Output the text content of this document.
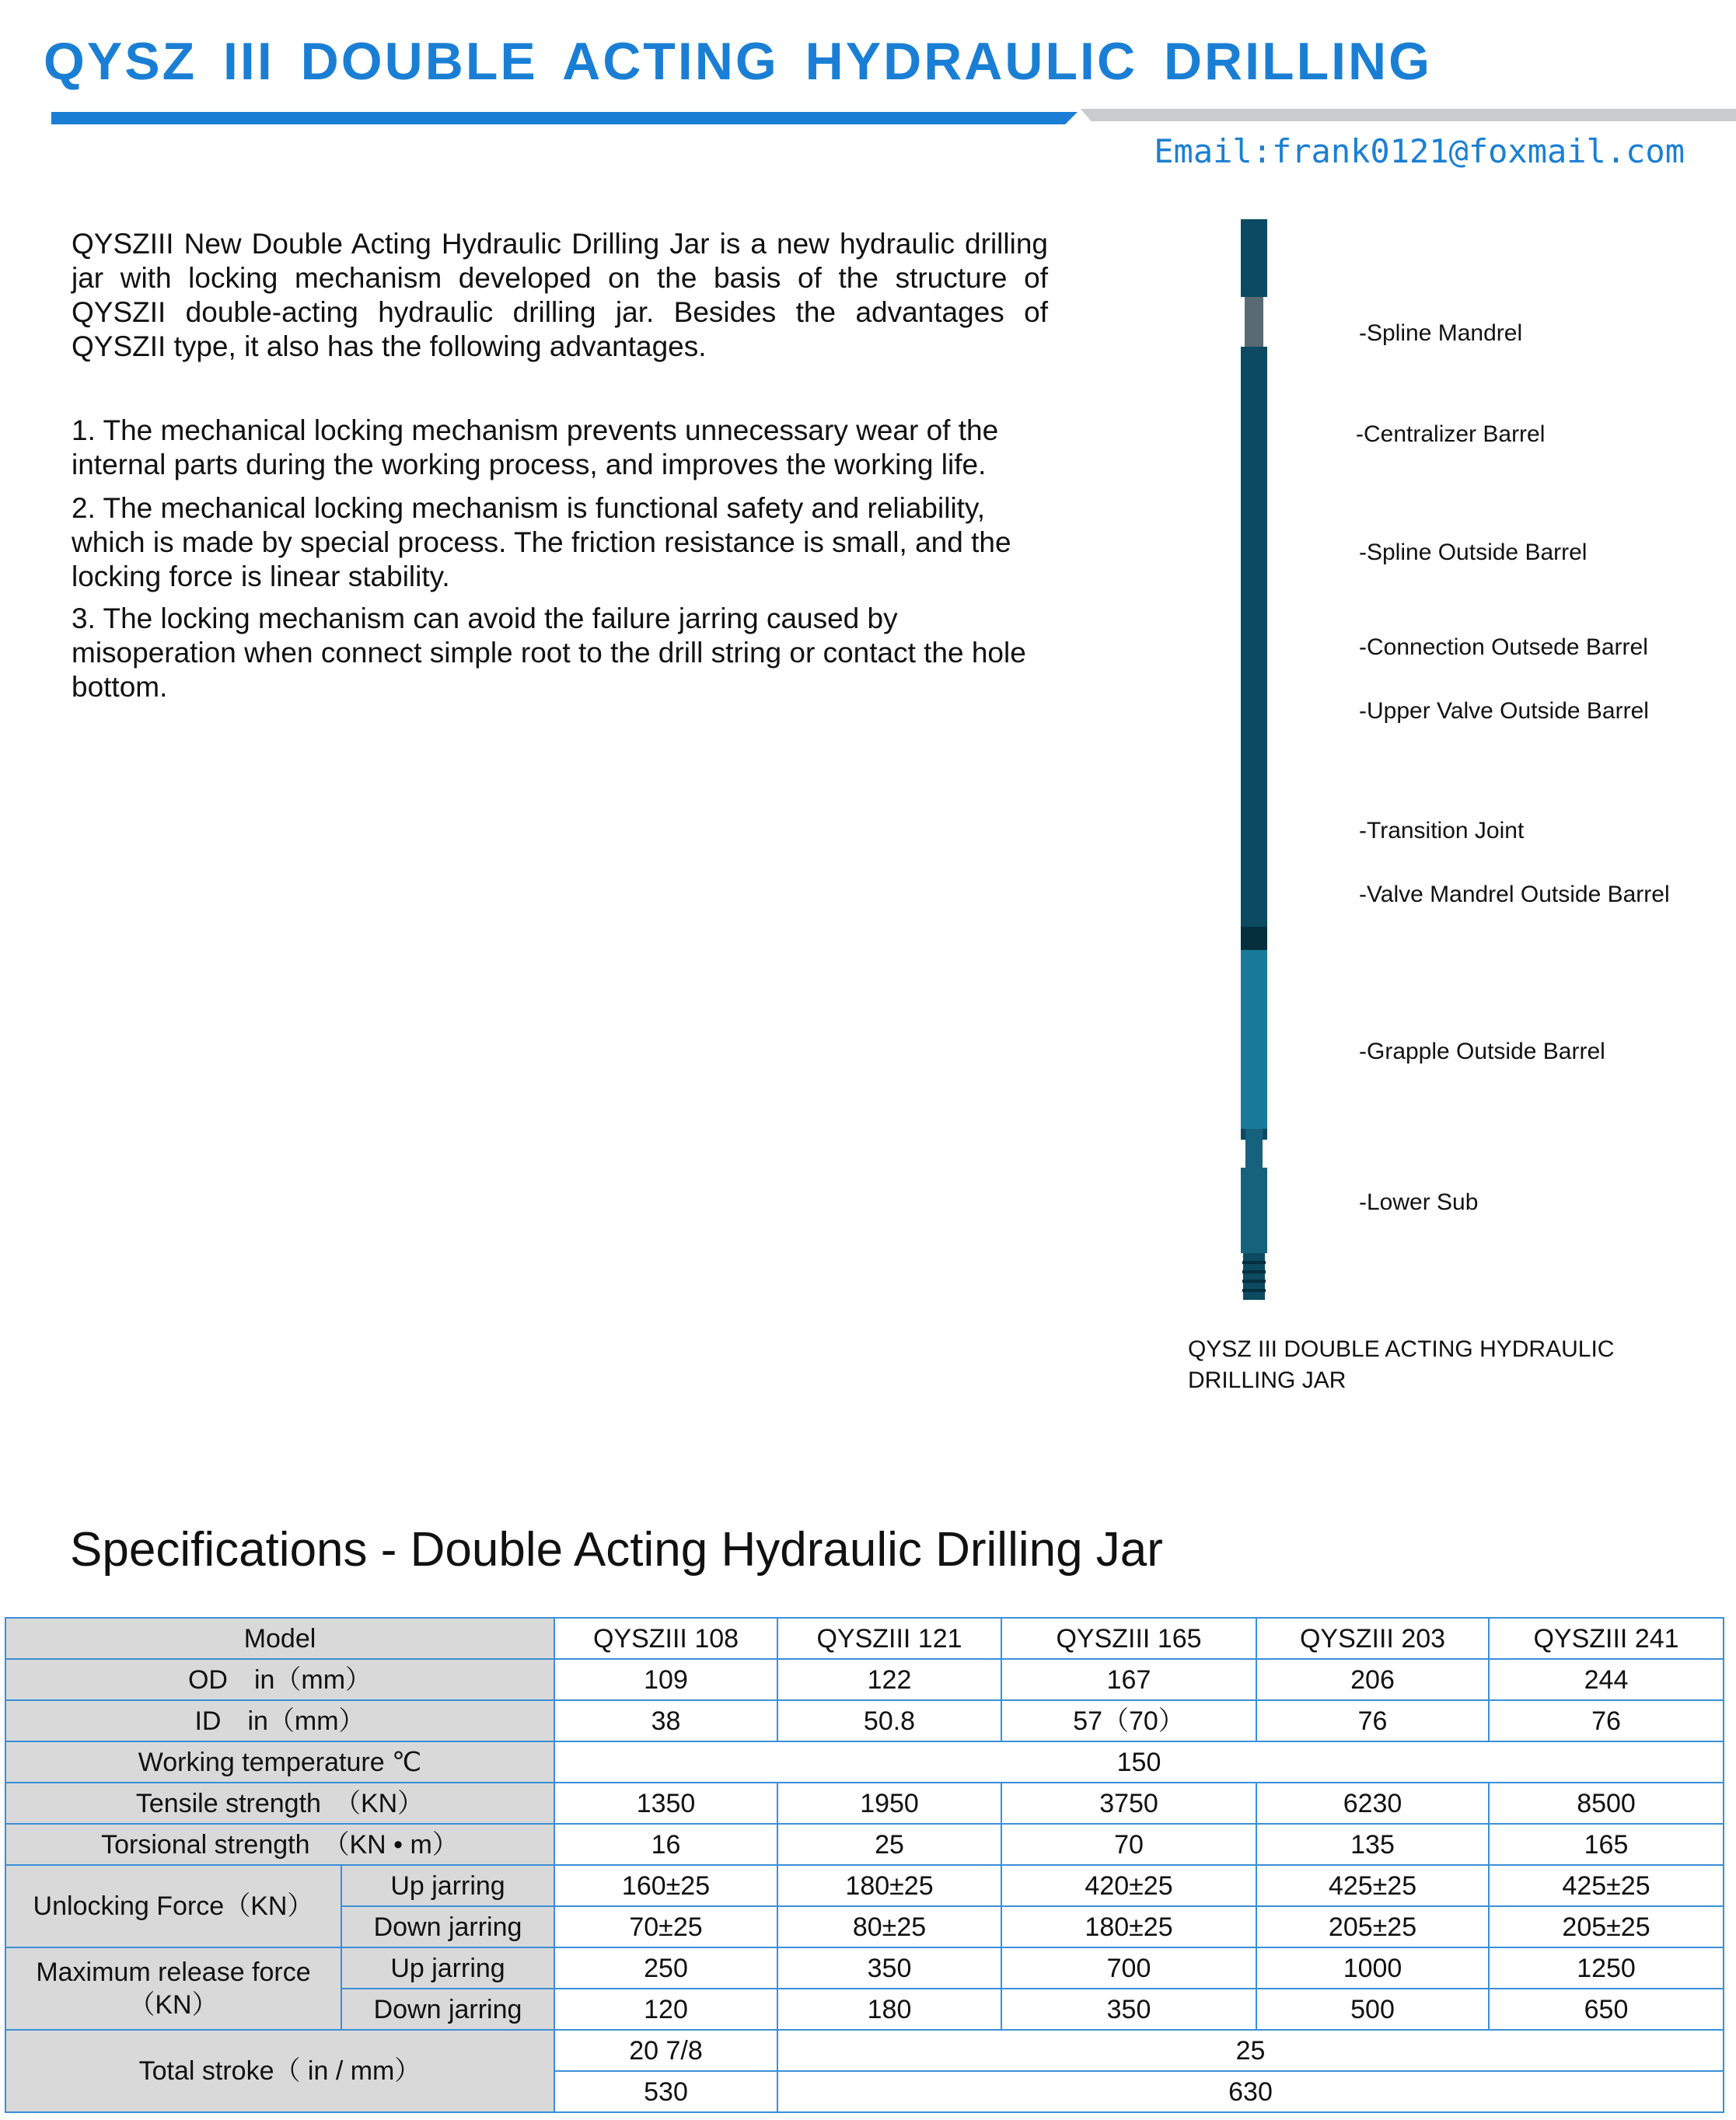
QYSZ III DOUBLE ACTING HYDRAULIC DRILLING
Email:frank0121@foxmail.com

QYSZIII New Double Acting Hydraulic Drilling Jar is a new hydraulic drilling jar with locking mechanism developed on the basis of the structure of QYSZII double-acting hydraulic drilling jar. Besides the advantages of QYSZII type, it also has the following advantages.

1. The mechanical locking mechanism prevents unnecessary wear of the internal parts during the working process, and improves the working life.

2. The mechanical locking mechanism is functional safety and reliability, which is made by special process. The friction resistance is small, and the locking force is linear stability.

3. The locking mechanism can avoid the failure jarring caused by misoperation when connect simple root to the drill string or contact the hole bottom.

-Spline Mandrel
-Centralizer Barrel
-Spline Outside Barrel
-Connection Outsede Barrel
-Upper Valve Outside Barrel
-Transition Joint
-Valve Mandrel Outside Barrel
-Grapple Outside Barrel
-Lower Sub

QYSZ III DOUBLE ACTING HYDRAULIC DRILLING JAR

Specifications - Double Acting Hydraulic Drilling Jar
Model		QYSZIII 108	QYSZIII 121	QYSZIII 165	QYSZIII 203	QYSZIII 241
OD　in（mm）		109	122	167	206	244
ID　in（mm）		38	50.8	57（70）	76	76
Working temperature ℃		150				
Tensile strength　（KN）		1350	1950	3750	6230	8500
Torsional strength　（KN • m）		16	25	70	135	165
Unlocking Force（KN）	Up jarring	160±25	180±25	420±25	425±25	425±25
	Down jarring	70±25	80±25	180±25	205±25	205±25
Maximum release force（KN）	Up jarring	250	350	700	1000	1250
	Down jarring	120	180	350	500	650
Total stroke（ in / mm）		20 7/8	25			
		530	630			
